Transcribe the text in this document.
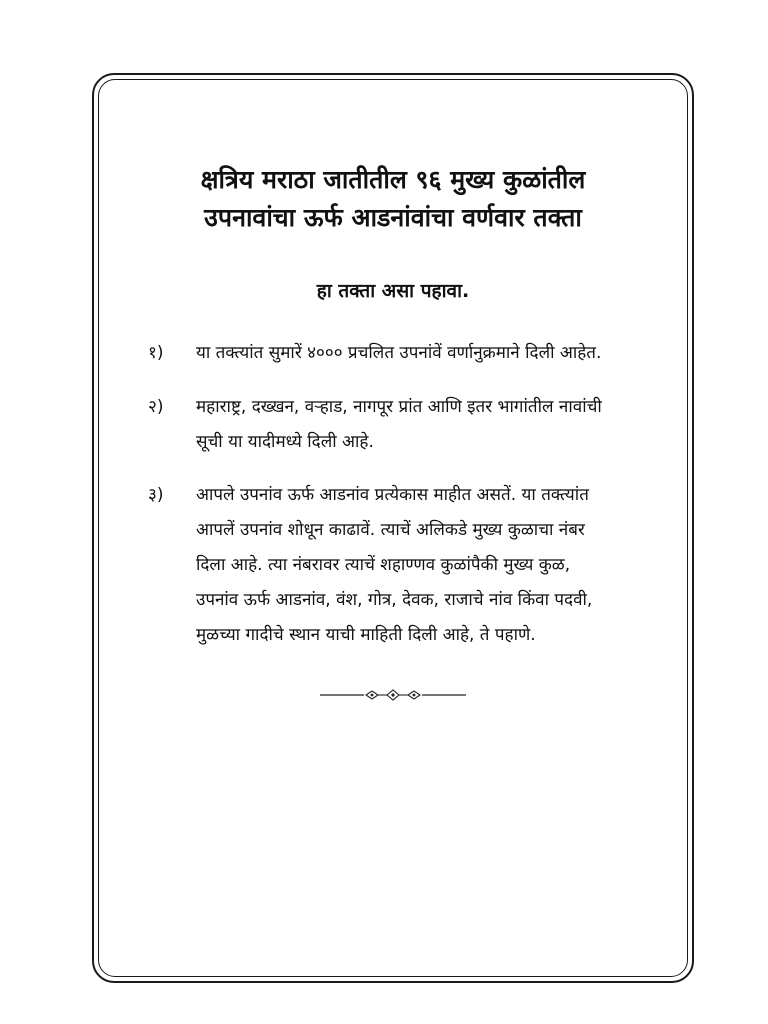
क्षत्रिय मराठा जातीतील ९६ मुख्य कुळांतील
उपनावांचा ऊर्फ आडनांवांचा वर्णवार तक्ता
हा तक्ता असा पहावा.
१)	या तक्त्यांत सुमारें ४००० प्रचलित उपनांवें वर्णानुक्रमाने दिली आहेत.
२)	महाराष्ट्र, दख्खन, वऱ्हाड, नागपूर प्रांत आणि इतर भागांतील नावांची
सूची या यादीमध्ये दिली आहे.
३)	आपले उपनांव ऊर्फ आडनांव प्रत्येकास माहीत असतें. या तक्त्यांत
आपलें उपनांव शोधून काढावें. त्याचें अलिकडे मुख्य कुळाचा नंबर
दिला आहे. त्या नंबरावर त्याचें शहाण्णव कुळांपैकी मुख्य कुळ,
उपनांव ऊर्फ आडनांव, वंश, गोत्र, देवक, राजाचे नांव किंवा पदवी,
मुळच्या गादीचे स्थान याची माहिती दिली आहे, ते पहाणे.
